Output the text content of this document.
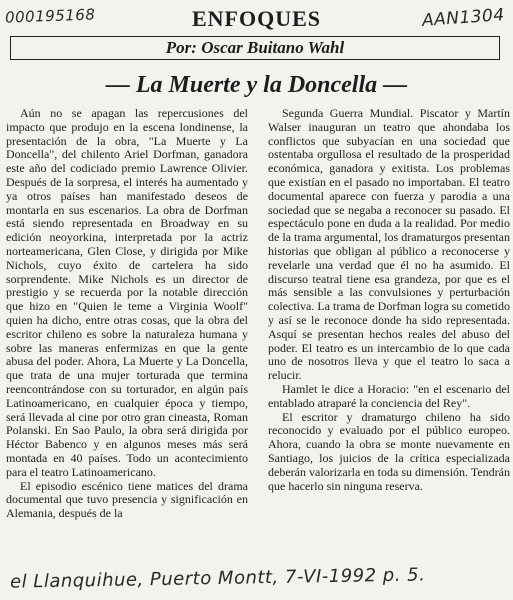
000195168	AAN1304
ENFOQUES
Por: Oscar Buitano Wahl
— La Muerte y la Doncella —

Aún no se apagan las repercusiones del impacto que produjo en la escena londinense, la presentación de la obra, "La Muerte y La Doncella", del chilento Ariel Dorfman, ganadora este año del codiciado premio Lawrence Olivier. Después de la sorpresa, el interés ha aumentado y ya otros países han manifestado deseos de montarla en sus escenarios. La obra de Dorfman está siendo representada en Broadway en su edición neoyorkina, interpretada por la actriz norteamericana, Glen Close, y dirigida por Mike Nichols, cuyo éxito de cartelera ha sido sorprendente. Mike Nichols es un director de prestigio y se recuerda por la notable dirección que hizo en "Quien le teme a Virginia Woolf" quien ha dicho, entre otras cosas, que la obra del escritor chileno es sobre la naturaleza humana y sobre las maneras enfermizas en que la gente abusa del poder. Ahora, La Muerte y La Doncella, que trata de una mujer torturada que termina reencontrándose con su torturador, en algún país Latinoamericano, en cualquier época y tiempo, será llevada al cine por otro gran cineasta, Roman Polanski. En Sao Paulo, la obra será dirigida por Héctor Babenco y en algunos meses más será montada en 40 países. Todo un acontecimiento para el teatro Latinoamericano.

El episodio escénico tiene matices del drama documental que tuvo presencia y significación en Alemania, después de la

Segunda Guerra Mundial. Piscator y Martín Walser inauguran un teatro que ahondaba los conflictos que subyacían en una sociedad que ostentaba orgullosa el resultado de la prosperidad económica, ganadora y exitista. Los problemas que existían en el pasado no importaban. El teatro documental aparece con fuerza y parodia a una sociedad que se negaba a reconocer su pasado. El espectáculo pone en duda a la realidad. Por medio de la trama argumental, los dramaturgos presentan historias que obligan al público a reconocerse y revelarle una verdad que él no ha asumido. El discurso teatral tiene esa grandeza, por que es el más sensible a las convulsiones y perturbación colectiva. La trama de Dorfman logra su cometido y así se le reconoce donde ha sido representada. Asquí se presentan hechos reales del abuso del poder. El teatro es un intercambio de lo que cada uno de nosotros lleva y que el teatro lo saca a relucir.

Hamlet le dice a Horacio: "en el escenario del entablado atraparé la conciencia del Rey".

El escritor y dramaturgo chileno ha sido reconocido y evaluado por el público europeo. Ahora, cuando la obra se monte nuevamente en Santiago, los juicios de la crítica especializada deberán valorizarla en toda su dimensión. Tendrán que hacerlo sin ninguna reserva.

el Llanquihue, Puerto Montt, 7-VI-1992 p. 5.
